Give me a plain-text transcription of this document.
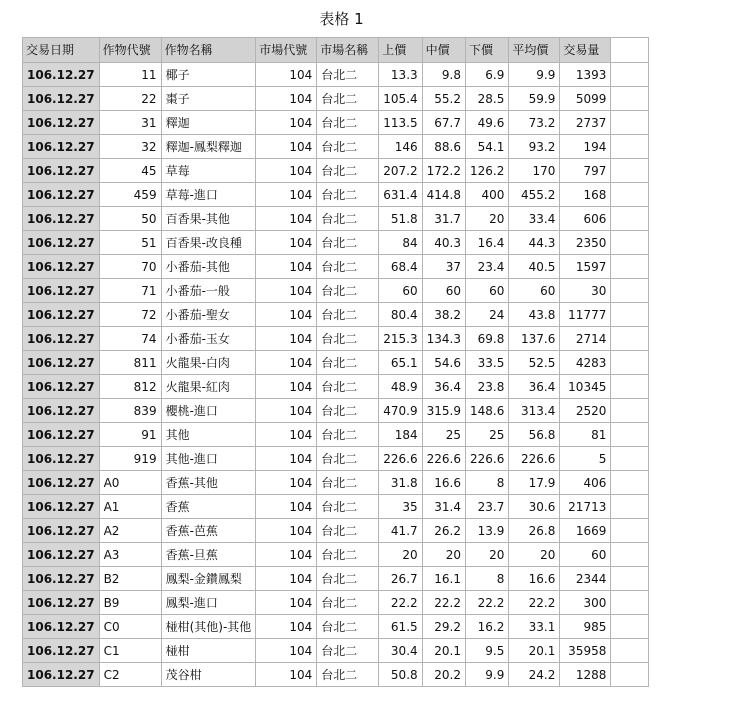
表格 1
交易日期	作物代號	作物名稱	市場代號	市場名稱	上價	中價	下價	平均價	交易量	
106.12.27	11	椰子	104	台北二	13.3	9.8	6.9	9.9	1393	
106.12.27	22	棗子	104	台北二	105.4	55.2	28.5	59.9	5099	
106.12.27	31	釋迦	104	台北二	113.5	67.7	49.6	73.2	2737	
106.12.27	32	釋迦-鳳梨釋迦	104	台北二	146	88.6	54.1	93.2	194	
106.12.27	45	草莓	104	台北二	207.2	172.2	126.2	170	797	
106.12.27	459	草莓-進口	104	台北二	631.4	414.8	400	455.2	168	
106.12.27	50	百香果-其他	104	台北二	51.8	31.7	20	33.4	606	
106.12.27	51	百香果-改良種	104	台北二	84	40.3	16.4	44.3	2350	
106.12.27	70	小番茄-其他	104	台北二	68.4	37	23.4	40.5	1597	
106.12.27	71	小番茄-一般	104	台北二	60	60	60	60	30	
106.12.27	72	小番茄-聖女	104	台北二	80.4	38.2	24	43.8	11777	
106.12.27	74	小番茄-玉女	104	台北二	215.3	134.3	69.8	137.6	2714	
106.12.27	811	火龍果-白肉	104	台北二	65.1	54.6	33.5	52.5	4283	
106.12.27	812	火龍果-紅肉	104	台北二	48.9	36.4	23.8	36.4	10345	
106.12.27	839	櫻桃-進口	104	台北二	470.9	315.9	148.6	313.4	2520	
106.12.27	91	其他	104	台北二	184	25	25	56.8	81	
106.12.27	919	其他-進口	104	台北二	226.6	226.6	226.6	226.6	5	
106.12.27	A0	香蕉-其他	104	台北二	31.8	16.6	8	17.9	406	
106.12.27	A1	香蕉	104	台北二	35	31.4	23.7	30.6	21713	
106.12.27	A2	香蕉-芭蕉	104	台北二	41.7	26.2	13.9	26.8	1669	
106.12.27	A3	香蕉-旦蕉	104	台北二	20	20	20	20	60	
106.12.27	B2	鳳梨-金鑽鳳梨	104	台北二	26.7	16.1	8	16.6	2344	
106.12.27	B9	鳳梨-進口	104	台北二	22.2	22.2	22.2	22.2	300	
106.12.27	C0	椪柑(其他)-其他	104	台北二	61.5	29.2	16.2	33.1	985	
106.12.27	C1	椪柑	104	台北二	30.4	20.1	9.5	20.1	35958	
106.12.27	C2	茂谷柑	104	台北二	50.8	20.2	9.9	24.2	1288	
